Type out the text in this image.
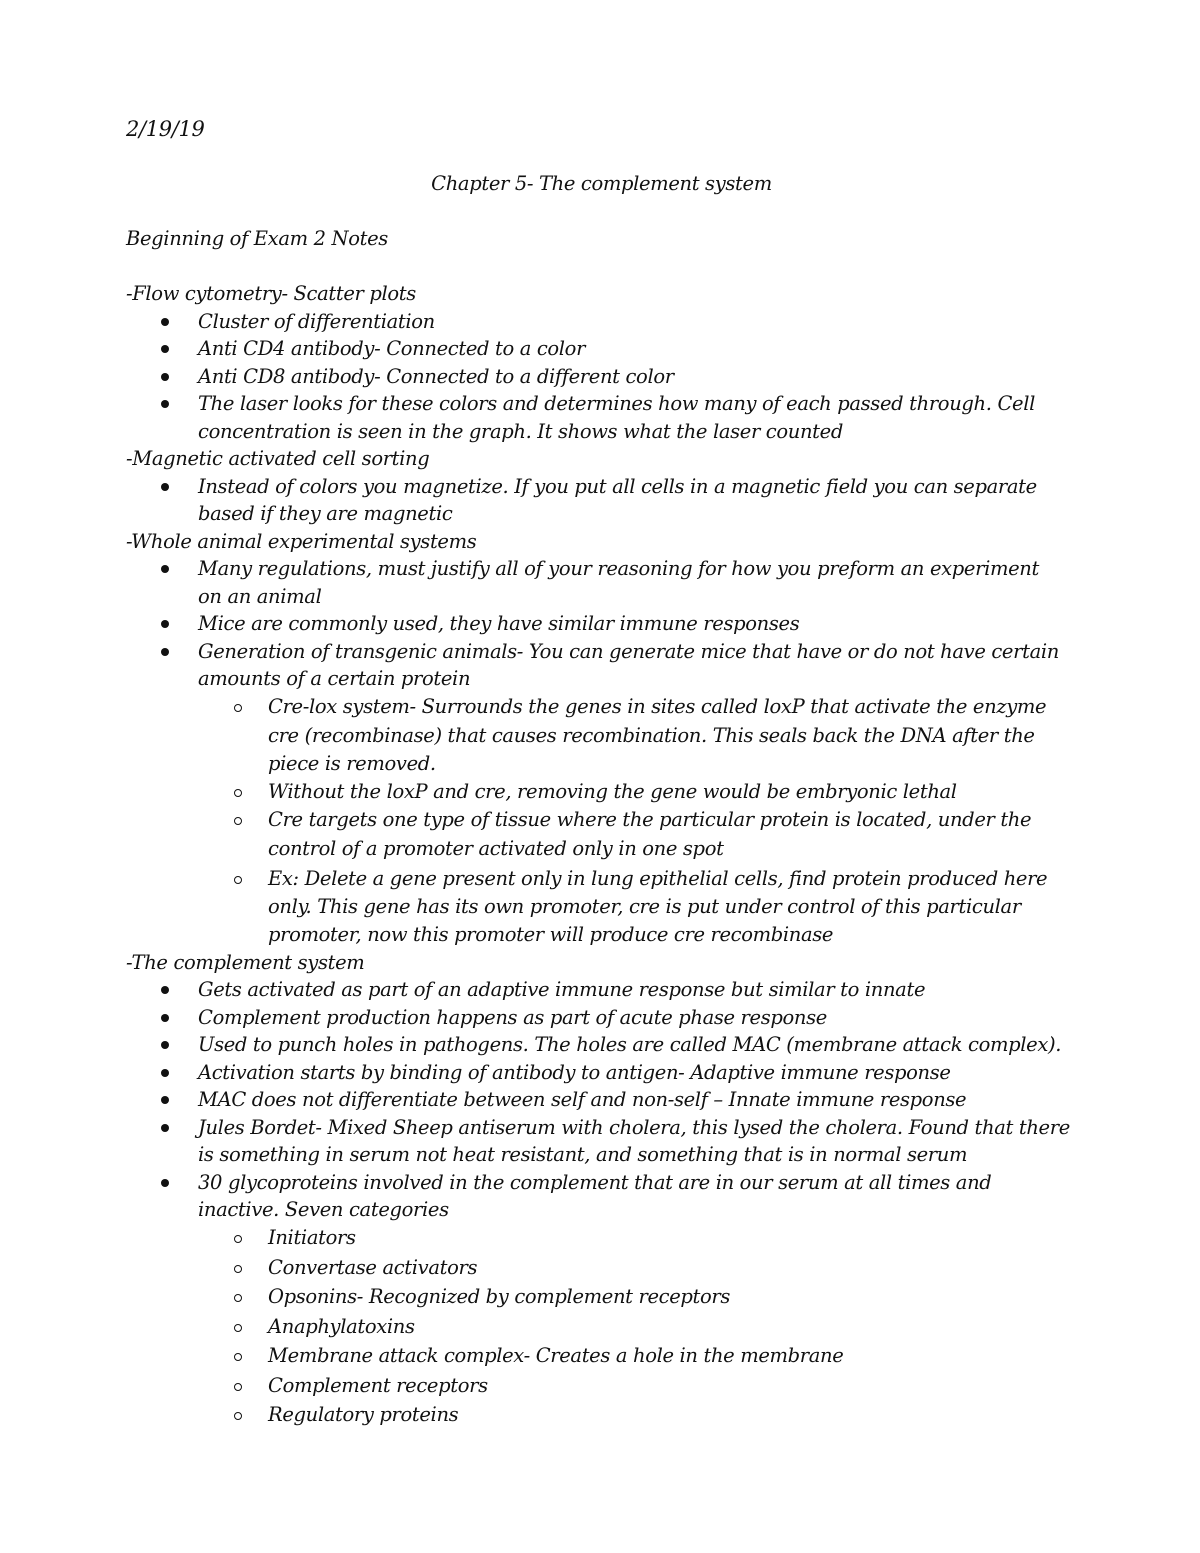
2/19/19
Chapter 5- The complement system
Beginning of Exam 2 Notes
-Flow cytometry- Scatter plots
Cluster of differentiation
Anti CD4 antibody- Connected to a color
Anti CD8 antibody- Connected to a different color
The laser looks for these colors and determines how many of each passed through. Cell
concentration is seen in the graph. It shows what the laser counted
-Magnetic activated cell sorting
Instead of colors you magnetize. If you put all cells in a magnetic field you can separate
based if they are magnetic
-Whole animal experimental systems
Many regulations, must justify all of your reasoning for how you preform an experiment
on an animal
Mice are commonly used, they have similar immune responses
Generation of transgenic animals- You can generate mice that have or do not have certain
amounts of a certain protein
Cre-lox system- Surrounds the genes in sites called loxP that activate the enzyme
cre (recombinase) that causes recombination. This seals back the DNA after the
piece is removed.
Without the loxP and cre, removing the gene would be embryonic lethal
Cre targets one type of tissue where the particular protein is located, under the
control of a promoter activated only in one spot
Ex: Delete a gene present only in lung epithelial cells, find protein produced here
only. This gene has its own promoter, cre is put under control of this particular
promoter, now this promoter will produce cre recombinase
-The complement system
Gets activated as part of an adaptive immune response but similar to innate
Complement production happens as part of acute phase response
Used to punch holes in pathogens. The holes are called MAC (membrane attack complex).
Activation starts by binding of antibody to antigen- Adaptive immune response
MAC does not differentiate between self and non-self – Innate immune response
Jules Bordet- Mixed Sheep antiserum with cholera, this lysed the cholera. Found that there
is something in serum not heat resistant, and something that is in normal serum
30 glycoproteins involved in the complement that are in our serum at all times and
inactive. Seven categories
Initiators
Convertase activators
Opsonins- Recognized by complement receptors
Anaphylatoxins
Membrane attack complex- Creates a hole in the membrane
Complement receptors
Regulatory proteins
